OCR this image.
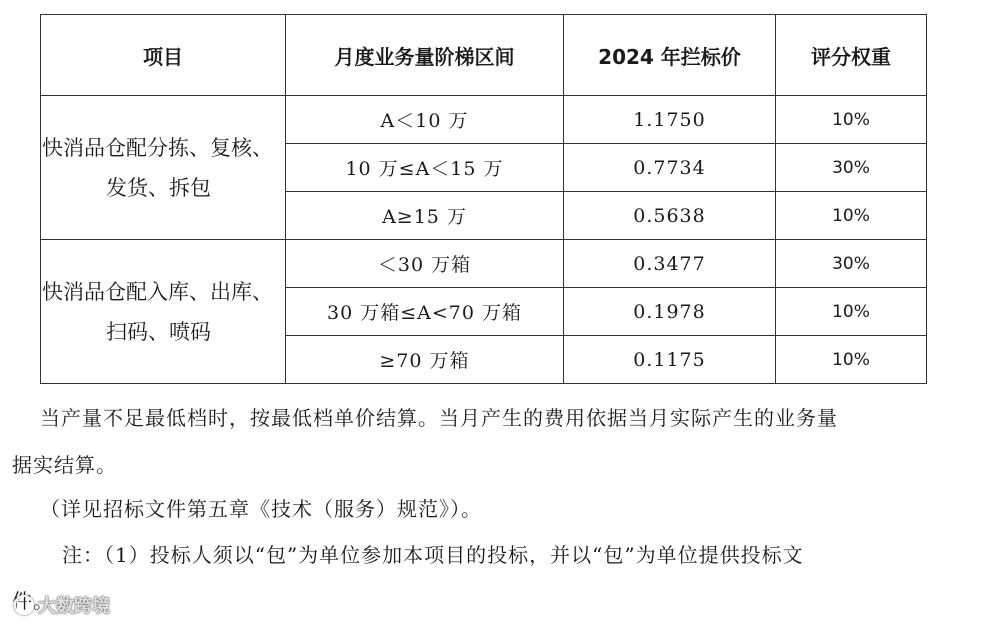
项目	月度业务量阶梯区间	2024 年拦标价	评分权重

快消品仓配分拣、复核、
发货、拆包	A＜10 万	1.1750	10%
	10 万≤A＜15 万	0.7734	30%
	A≥15 万	0.5638	10%

快消品仓配入库、出库、
扫码、喷码	＜30 万箱	0.3477	30%
	30 万箱≤A<70 万箱	0.1978	10%
	≥70 万箱	0.1175	10%
当产量不足最低档时，按最低档单价结算。当月产生的费用依据当月实际产生的业务量
据实结算。
（详见招标文件第五章《技术（服务）规范》）。
注：（1）投标人须以“包”为单位参加本项目的投标，并以“包”为单位提供投标文
件。
大数跨境
